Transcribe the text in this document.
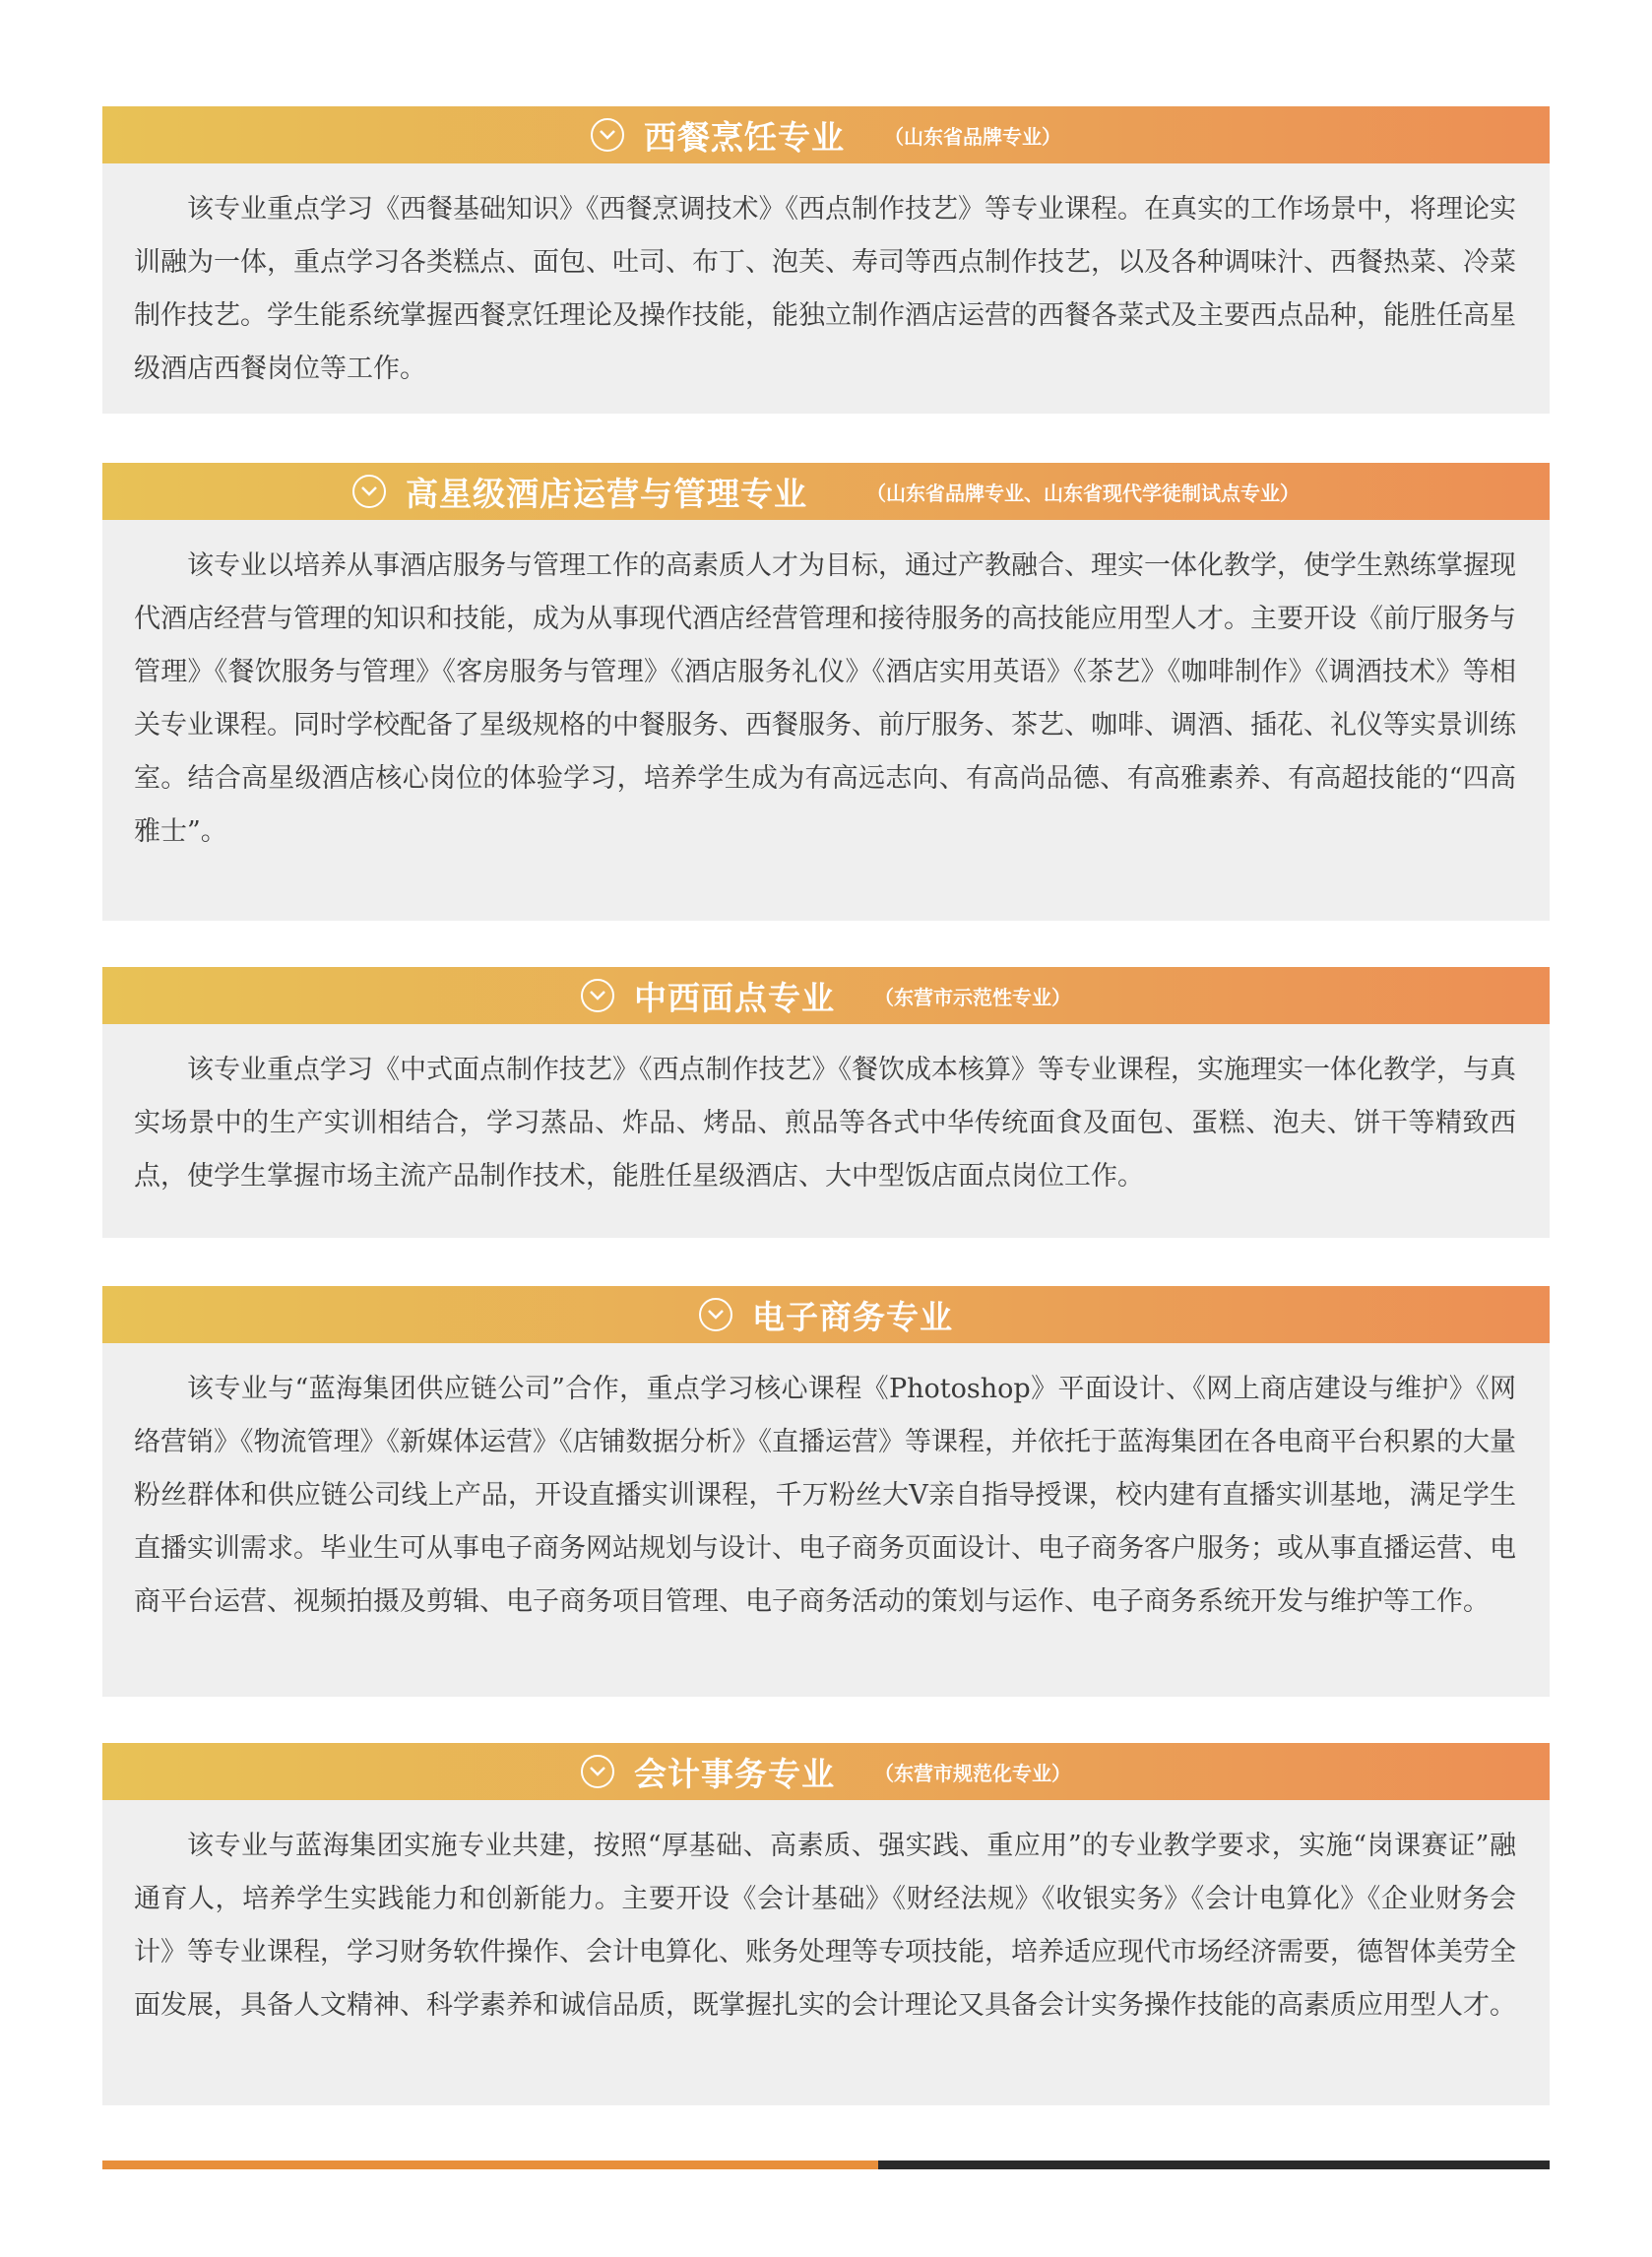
西餐烹饪专业 （山东省品牌专业）
该专业重点学习《西餐基础知识》《西餐烹调技术》《西点制作技艺》等专业课程。在真实的工作场景中，将理论实训融为一体，重点学习各类糕点、面包、吐司、布丁、泡芙、寿司等西点制作技艺，以及各种调味汁、西餐热菜、冷菜制作技艺。学生能系统掌握西餐烹饪理论及操作技能，能独立制作酒店运营的西餐各菜式及主要西点品种，能胜任高星级酒店西餐岗位等工作。
高星级酒店运营与管理专业	（山东省品牌专业、山东省现代学徒制试点专业）
该专业以培养从事酒店服务与管理工作的高素质人才为目标，通过产教融合、理实一体化教学，使学生熟练掌握现代酒店经营与管理的知识和技能，成为从事现代酒店经营管理和接待服务的高技能应用型人才。主要开设《前厅服务与管理》《餐饮服务与管理》《客房服务与管理》《酒店服务礼仪》《酒店实用英语》《茶艺》《咖啡制作》《调酒技术》等相关专业课程。同时学校配备了星级规格的中餐服务、西餐服务、前厅服务、茶艺、咖啡、调酒、插花、礼仪等实景训练室。结合高星级酒店核心岗位的体验学习，培养学生成为有高远志向、有高尚品德、有高雅素养、有高超技能的“四高雅士”。
中西面点专业 （东营市示范性专业）
该专业重点学习《中式面点制作技艺》《西点制作技艺》《餐饮成本核算》等专业课程，实施理实一体化教学，与真实场景中的生产实训相结合，学习蒸品、炸品、烤品、煎品等各式中华传统面食及面包、蛋糕、泡夫、饼干等精致西点，使学生掌握市场主流产品制作技术，能胜任星级酒店、大中型饭店面点岗位工作。
电子商务专业
该专业与“蓝海集团供应链公司”合作，重点学习核心课程《Photoshop》平面设计、《网上商店建设与维护》《网络营销》《物流管理》《新媒体运营》《店铺数据分析》《直播运营》等课程，并依托于蓝海集团在各电商平台积累的大量粉丝群体和供应链公司线上产品，开设直播实训课程，千万粉丝大V亲自指导授课，校内建有直播实训基地，满足学生直播实训需求。毕业生可从事电子商务网站规划与设计、电子商务页面设计、电子商务客户服务；或从事直播运营、电商平台运营、视频拍摄及剪辑、电子商务项目管理、电子商务活动的策划与运作、电子商务系统开发与维护等工作。
会计事务专业 （东营市规范化专业）
该专业与蓝海集团实施专业共建，按照“厚基础、高素质、强实践、重应用”的专业教学要求，实施“岗课赛证”融通育人，培养学生实践能力和创新能力。主要开设《会计基础》《财经法规》《收银实务》《会计电算化》《企业财务会计》等专业课程，学习财务软件操作、会计电算化、账务处理等专项技能，培养适应现代市场经济需要，德智体美劳全面发展，具备人文精神、科学素养和诚信品质，既掌握扎实的会计理论又具备会计实务操作技能的高素质应用型人才。
